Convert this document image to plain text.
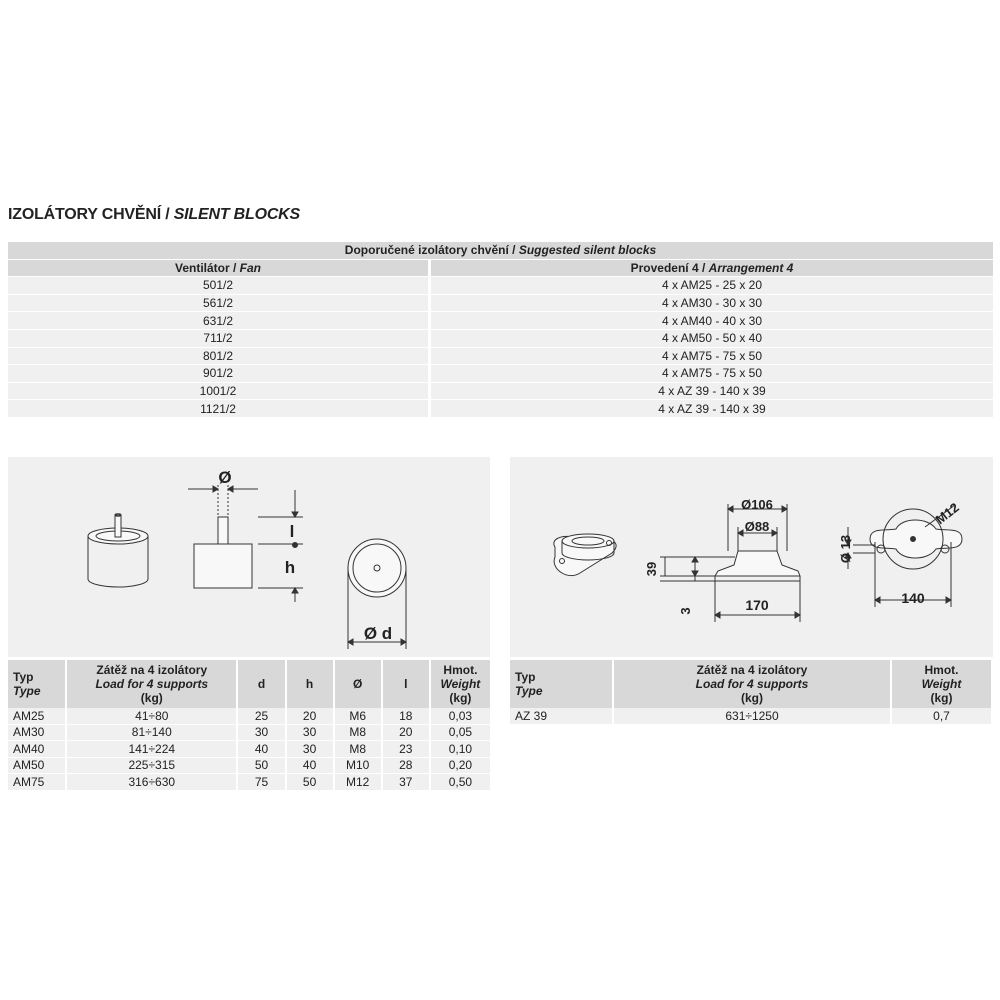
IZOLÁTORY CHVĚNÍ / SILENT BLOCKS
Doporučené izolátory chvění / Suggested silent blocks	
Ventilátor / Fan	Provedení 4 / Arrangement 4
501/2	4 x AM25 - 25 x 20
561/2	4 x AM30 - 30 x 30
631/2	4 x AM40 - 40 x 30
711/2	4 x AM50 - 50 x 40
801/2	4 x AM75 - 75 x 50
901/2	4 x AM75 - 75 x 50
1001/2	4 x AZ 39 - 140 x 39
1121/2	4 x AZ 39 - 140 x 39
Ø
h
l
Ø d
Ø106
Ø88
39
3	170
Ø 13
M12
140
Typ
Type	Zátěž na 4 izolátory
Load for 4 supports
(kg)	d	h	Ø	l	Hmot.
Weight
(kg)

AM25	41÷80	25	20	M6	18	0,03
AM30	81÷140	30	30	M8	20	0,05
AM40	141÷224	40	30	M8	23	0,10
AM50	225÷315	50	40	M10	28	0,20
AM75	316÷630	75	50	M12	37	0,50
Typ
Type	Zátěž na 4 izolátory
Load for 4 supports
(kg)	Hmot.
Weight
(kg)

AZ 39	631÷1250	0,7
